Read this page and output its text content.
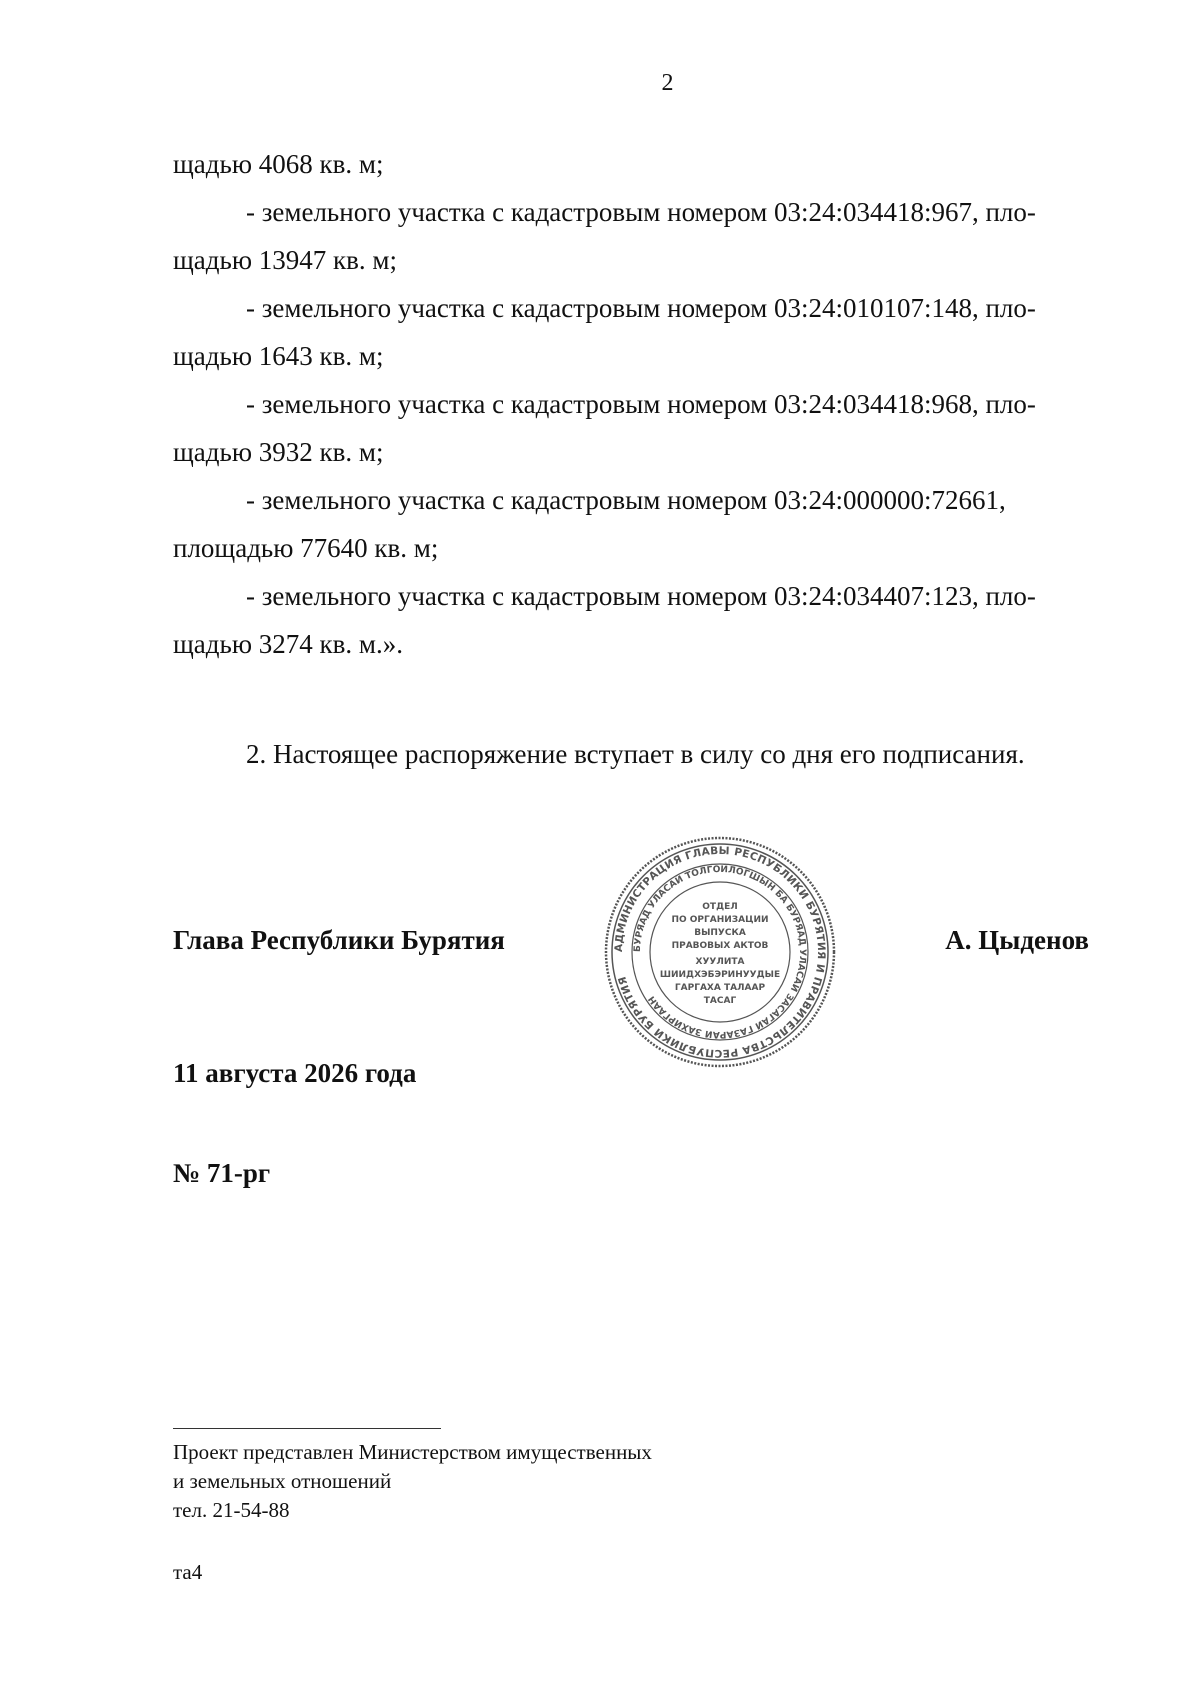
2

щадью 4068 кв. м;

- земельного участка с кадастровым номером 03:24:034418:967, пло-

щадью 13947 кв. м;

- земельного участка с кадастровым номером 03:24:010107:148, пло-

щадью 1643 кв. м;

- земельного участка с кадастровым номером 03:24:034418:968, пло-

щадью 3932 кв. м;

- земельного участка с кадастровым номером 03:24:000000:72661,

площадью 77640 кв. м;

- земельного участка с кадастровым номером 03:24:034407:123, пло-

щадью 3274 кв. м.».

2. Настоящее распоряжение вступает в силу со дня его подписания.
Глава Республики Бурятия	АДМИНИСТРАЦИЯ ГЛАВЫ РЕСПУБЛИКИ БУРЯТИЯ И ПРАВИТЕЛЬСТВА РЕСПУБЛИКИ БУРЯТИЯ
БУРЯАД УЛАСАЙ ТОЛГОЙЛОГШЫН БА БУРЯАД УЛАСАЙ ЗАСАГАЙ ГАЗАРАЙ ЗАХИРГААН
ОТДЕЛ
ПО ОРГАНИЗАЦИИ
ВЫПУСКА
ПРАВОВЫХ АКТОВ
ХУУЛИТА
ШИИДХЭБЭРИНУУДЫЕ
ГАРГАХА ТАЛААР
ТАСАГ
А. Цыденов
11 августа 2026 года
№ 71-рг
Проект представлен Министерством имущественных
и земельных отношений
тел. 21-54-88
та4
